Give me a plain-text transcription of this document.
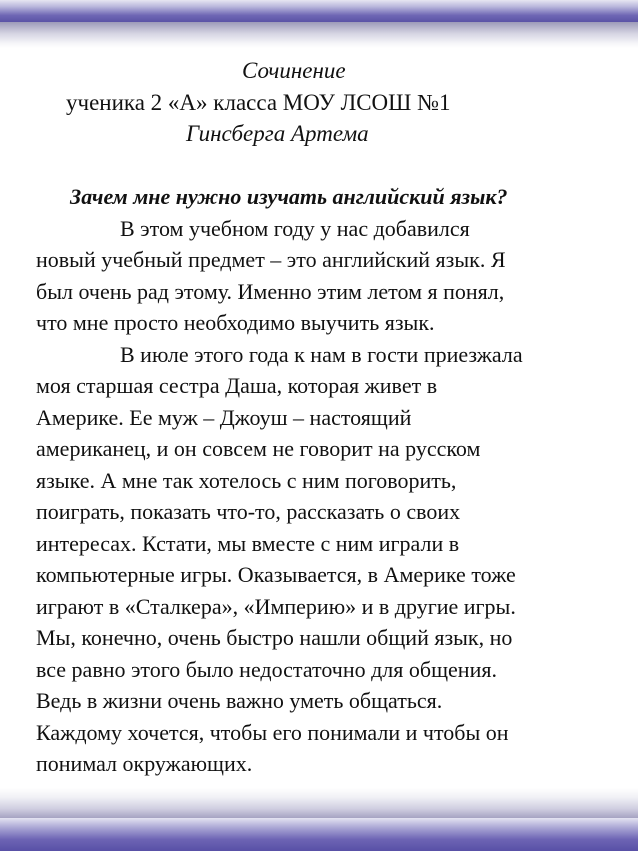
Сочинение
ученика 2 «А» класса МОУ ЛСОШ №1
Гинсберга Артема
Зачем мне нужно изучать английский язык?
В этом учебном году у нас добавился
новый учебный предмет – это английский язык. Я
был очень рад этому. Именно этим летом я понял,
что мне просто необходимо выучить язык.
В июле этого года к нам в гости приезжала
моя старшая сестра Даша, которая живет в
Америке. Ее муж – Джоуш – настоящий
американец, и он совсем не говорит на русском
языке. А мне так хотелось с ним поговорить,
поиграть, показать что-то, рассказать о своих
интересах. Кстати, мы вместе с ним играли в
компьютерные игры. Оказывается, в Америке тоже
играют в «Сталкера», «Империю» и в другие игры.
Мы, конечно, очень быстро нашли общий язык, но
все равно этого было недостаточно для общения.
Ведь в жизни очень важно уметь общаться.
Каждому хочется, чтобы его понимали и чтобы он
понимал окружающих.
